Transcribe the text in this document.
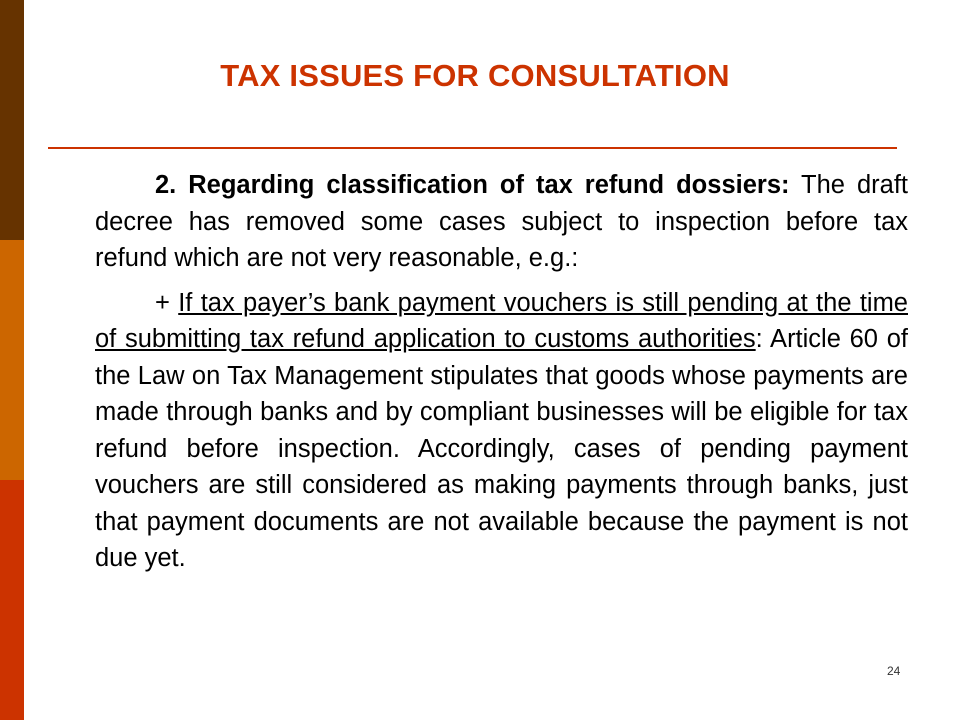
TAX ISSUES FOR CONSULTATION

2. Regarding classification of tax refund dossiers: The draft decree has removed some cases subject to inspection before tax refund which are not very reasonable, e.g.:

+ If tax payer’s bank payment vouchers is still pending at the time of submitting tax refund application to customs authorities: Article 60 of the Law on Tax Management stipulates that goods whose payments are made through banks and by compliant businesses will be eligible for tax refund before inspection. Accordingly, cases of pending payment vouchers are still considered as making payments through banks, just that payment documents are not available because the payment is not due yet.

24
